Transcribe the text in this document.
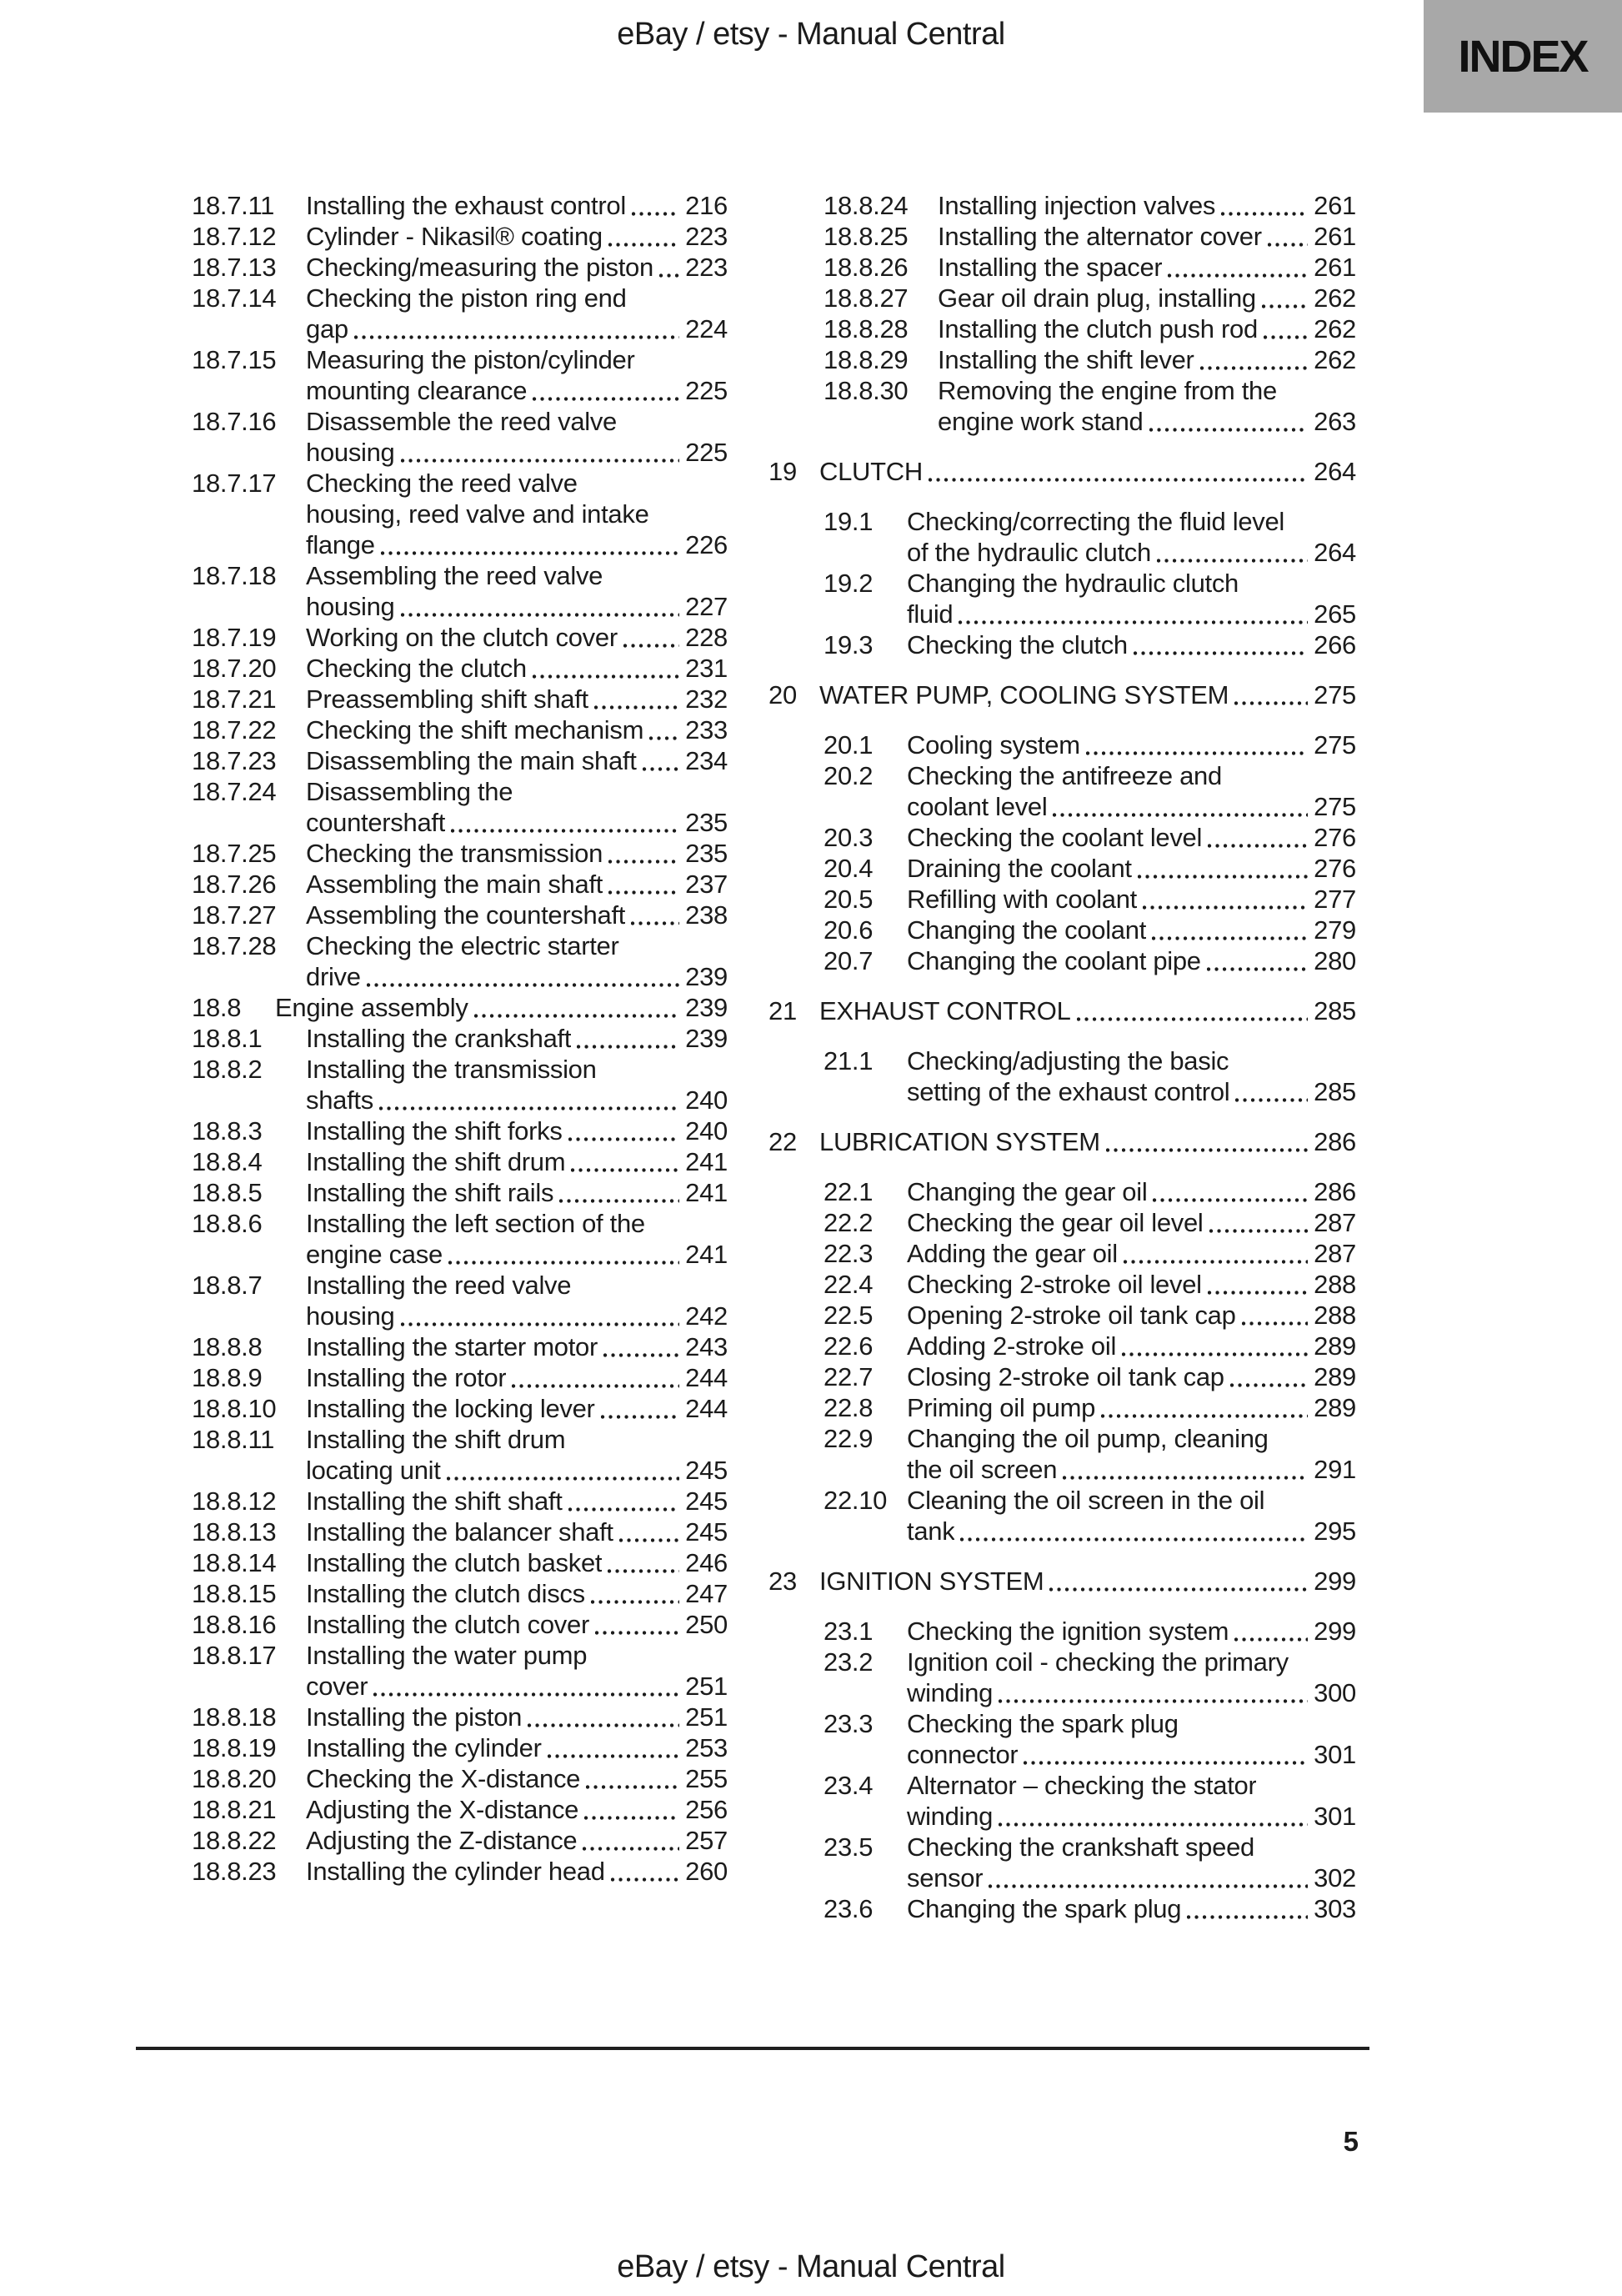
eBay / etsy - Manual Central	INDEX
18.7.11	Installing the exhaust control 216
18.7.12	Cylinder - Nikasil® coating	223
18.7.13	Checking/measuring the piston 223
18.7.14	Checking the piston ring end
gap	224
18.7.15	Measuring the piston/cylinder
mounting clearance	225
18.7.16	Disassemble the reed valve
housing	225
18.7.17	Checking the reed valve
housing, reed valve and intake
flange	226
18.7.18	Assembling the reed valve
housing	227
18.7.19	Working on the clutch cover	228
18.7.20	Checking the clutch	231
18.7.21	Preassembling shift shaft	232
18.7.22	Checking the shift mechanism 233
18.7.23	Disassembling the main shaft 234
18.7.24	Disassembling the
countershaft	235
18.7.25	Checking the transmission	235
18.7.26	Assembling the main shaft	237
18.7.27	Assembling the countershaft 238
18.7.28	Checking the electric starter
drive	239
18.8	Engine assembly	239
18.8.1	Installing the crankshaft	239
18.8.2	Installing the transmission
shafts	240
18.8.3	Installing the shift forks	240
18.8.4	Installing the shift drum	241
18.8.5	Installing the shift rails	241
18.8.6	Installing the left section of the
engine case	241
18.8.7	Installing the reed valve
housing	242
18.8.8	Installing the starter motor	243
18.8.9	Installing the rotor	244
18.8.10	Installing the locking lever	244
18.8.11	Installing the shift drum
locating unit	245
18.8.12	Installing the shift shaft	245
18.8.13	Installing the balancer shaft	245
18.8.14	Installing the clutch basket	246
18.8.15	Installing the clutch discs	247
18.8.16	Installing the clutch cover	250
18.8.17	Installing the water pump
cover	251
18.8.18	Installing the piston	251
18.8.19	Installing the cylinder	253
18.8.20	Checking the X-distance	255
18.8.21	Adjusting the X-distance	256
18.8.22	Adjusting the Z-distance	257
18.8.23	Installing the cylinder head	260
18.8.24	Installing injection valves	261
18.8.25	Installing the alternator cover 261
18.8.26	Installing the spacer	261
18.8.27	Gear oil drain plug, installing 262
18.8.28	Installing the clutch push rod 262
18.8.29	Installing the shift lever	262
18.8.30	Removing the engine from the
engine work stand	263
19 CLUTCH	264
19.1	Checking/correcting the fluid level
of the hydraulic clutch	264
19.2	Changing the hydraulic clutch
fluid	265
19.3	Checking the clutch	266
20 WATER PUMP, COOLING SYSTEM	275
20.1	Cooling system	275
20.2	Checking the antifreeze and
coolant level	275
20.3	Checking the coolant level	276
20.4	Draining the coolant	276
20.5	Refilling with coolant	277
20.6	Changing the coolant	279
20.7	Changing the coolant pipe	280
21 EXHAUST CONTROL	285
21.1	Checking/adjusting the basic
setting of the exhaust control	285
22 LUBRICATION SYSTEM	286
22.1	Changing the gear oil	286
22.2	Checking the gear oil level	287
22.3	Adding the gear oil	287
22.4	Checking 2-stroke oil level	288
22.5	Opening 2-stroke oil tank cap	288
22.6	Adding 2-stroke oil	289
22.7	Closing 2-stroke oil tank cap	289
22.8	Priming oil pump	289
22.9	Changing the oil pump, cleaning
the oil screen	291
22.10 Cleaning the oil screen in the oil
tank	295
23 IGNITION SYSTEM	299
23.1	Checking the ignition system	299
23.2	Ignition coil - checking the primary
winding	300
23.3	Checking the spark plug
connector	301
23.4	Alternator – checking the stator
winding	301
23.5	Checking the crankshaft speed
sensor	302
23.6	Changing the spark plug	303
5
eBay / etsy - Manual Central
